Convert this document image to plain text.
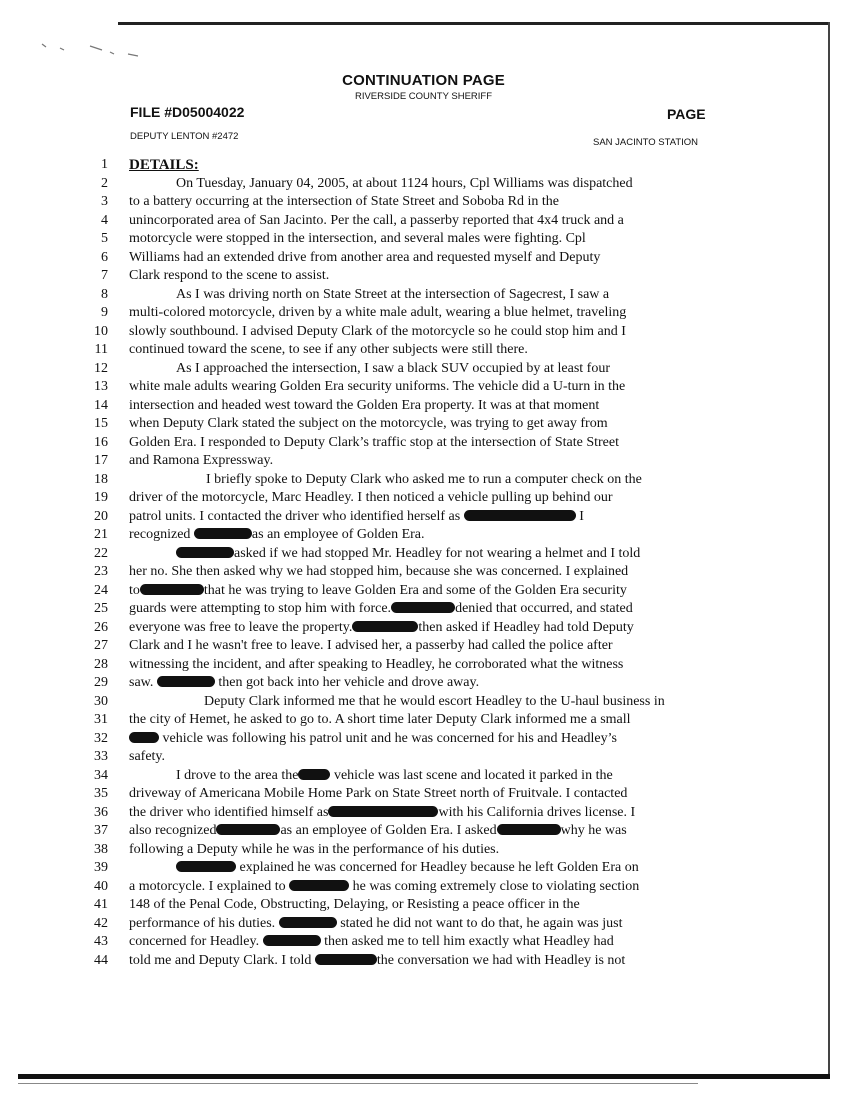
CONTINUATION PAGE
RIVERSIDE COUNTY SHERIFF
FILE #D05004022	PAGE
DEPUTY LENTON #2472
SAN JACINTO STATION
1 DETAILS:
2	On Tuesday, January 04, 2005, at about 1124 hours, Cpl Williams was dispatched
3 to a battery occurring at the intersection of State Street and Soboba Rd in the
4 unincorporated area of San Jacinto. Per the call, a passerby reported that 4x4 truck and a
5 motorcycle were stopped in the intersection, and several males were fighting. Cpl
6 Williams had an extended drive from another area and requested myself and Deputy
7 Clark respond to the scene to assist.
8	As I was driving north on State Street at the intersection of Sagecrest, I saw a
9 multi-colored motorcycle, driven by a white male adult, wearing a blue helmet, traveling
10 slowly southbound. I advised Deputy Clark of the motorcycle so he could stop him and I
11 continued toward the scene, to see if any other subjects were still there.
12	As I approached the intersection, I saw a black SUV occupied by at least four
13 white male adults wearing Golden Era security uniforms. The vehicle did a U-turn in the
14 intersection and headed west toward the Golden Era property. It was at that moment
15 when Deputy Clark stated the subject on the motorcycle, was trying to get away from
16 Golden Era. I responded to Deputy Clark’s traffic stop at the intersection of State Street
17 and Ramona Expressway.
18	I briefly spoke to Deputy Clark who asked me to run a computer check on the
19 driver of the motorcycle, Marc Headley. I then noticed a vehicle pulling up behind our
20 patrol units. I contacted the driver who identified herself as	I
21 recognized	as an employee of Golden Era.
22	asked if we had stopped Mr. Headley for not wearing a helmet and I told
23 her no. She then asked why we had stopped him, because she was concerned. I explained
24 to	that he was trying to leave Golden Era and some of the Golden Era security
25 guards were attempting to stop him with force.	denied that occurred, and stated
26 everyone was free to leave the property.	then asked if Headley had told Deputy
27 Clark and I he wasn't free to leave. I advised her, a passerby had called the police after
28 witnessing the incident, and after speaking to Headley, he corroborated what the witness
29 saw.	then got back into her vehicle and drove away.
30	Deputy Clark informed me that he would escort Headley to the U-haul business in
31 the city of Hemet, he asked to go to. A short time later Deputy Clark informed me a small
32	vehicle was following his patrol unit and he was concerned for his and Headley’s
33 safety.
34	I drove to the area the	vehicle was last scene and located it parked in the
35 driveway of Americana Mobile Home Park on State Street north of Fruitvale. I contacted
36 the driver who identified himself as	with his California drives license. I
37 also recognized	as an employee of Golden Era. I asked	why he was
38 following a Deputy while he was in the performance of his duties.
39	explained he was concerned for Headley because he left Golden Era on
40 a motorcycle. I explained to	he was coming extremely close to violating section
41 148 of the Penal Code, Obstructing, Delaying, or Resisting a peace officer in the
42 performance of his duties.	stated he did not want to do that, he again was just
43 concerned for Headley.	then asked me to tell him exactly what Headley had
44 told me and Deputy Clark. I told	the conversation we had with Headley is not
